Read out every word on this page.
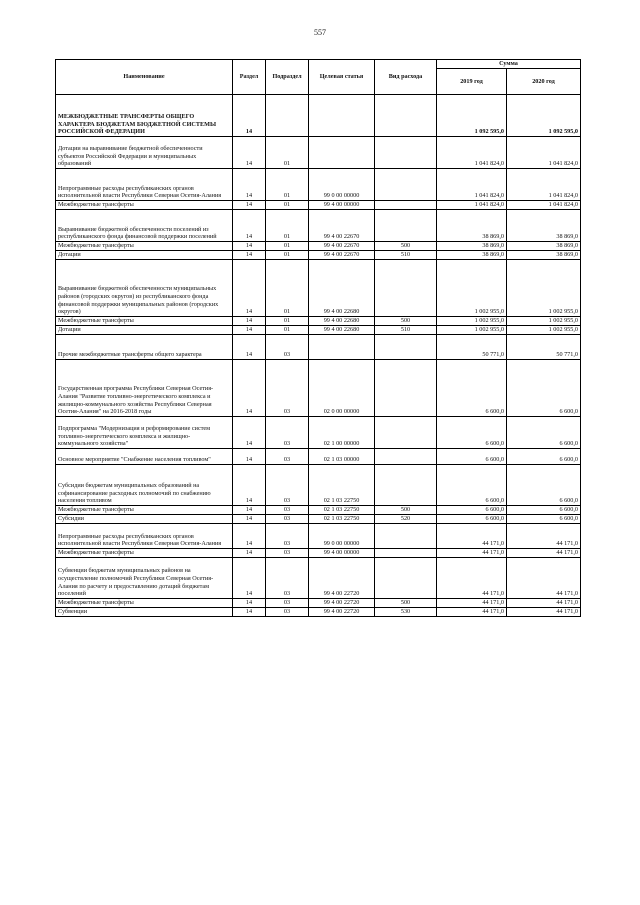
557
Наименование	Раздел	Подраздел	Целевая статья	Вид расхода	Сумма	
					2019 год	2020 год
МЕЖБЮДЖЕТНЫЕ ТРАНСФЕРТЫ ОБЩЕГО ХАРАКТЕРА БЮДЖЕТАМ БЮДЖЕТНОЙ СИСТЕМЫ РОССИЙСКОЙ ФЕДЕРАЦИИ	14				1 092 595,0	1 092 595,0
Дотации на выравнивание бюджетной обеспеченности субъектов Российской Федерации и муниципальных образований	14	01			1 041 824,0	1 041 824,0
Непрограммные расходы республиканских органов исполнительной власти Республики Северная Осетия-Алания	14	01	99 0 00 00000		1 041 824,0	1 041 824,0
Межбюджетные трансферты	14	01	99 4 00 00000		1 041 824,0	1 041 824,0
Выравнивание бюджетной обеспеченности поселений из республиканского фонда финансовой поддержки поселений	14	01	99 4 00 22670		38 869,0	38 869,0
Межбюджетные трансферты	14	01	99 4 00 22670	500	38 869,0	38 869,0
Дотации	14	01	99 4 00 22670	510	38 869,0	38 869,0
Выравнивание бюджетной обеспеченности муниципальных районов (городских округов) из республиканского фонда финансовой поддержки муниципальных районов (городских округов)	14	01	99 4 00 22680		1 002 955,0	1 002 955,0
Межбюджетные трансферты	14	01	99 4 00 22680	500	1 002 955,0	1 002 955,0
Дотации	14	01	99 4 00 22680	510	1 002 955,0	1 002 955,0
Прочие межбюджетные трансферты общего характера	14	03			50 771,0	50 771,0
Государственная программа Республики Северная Осетия-Алания "Развитие топливно-энергетического комплекса и жилищно-коммунального хозяйства Республики Северная Осетия-Алания" на 2016-2018 годы	14	03	02 0 00 00000		6 600,0	6 600,0
Подпрограмма "Модернизация и реформирование систем топливно-энергетического комплекса и жилищно-коммунального хозяйства"	14	03	02 1 00 00000		6 600,0	6 600,0
Основное мероприятие "Снабжение населения топливом"	14	03	02 1 03 00000		6 600,0	6 600,0
Субсидии бюджетам муниципальных образований на софинансирование расходных полномочий по снабжению населения топливом	14	03	02 1 03 22750		6 600,0	6 600,0
Межбюджетные трансферты	14	03	02 1 03 22750	500	6 600,0	6 600,0
Субсидии	14	03	02 1 03 22750	520	6 600,0	6 600,0
Непрограммные расходы республиканских органов исполнительной власти Республики Северная Осетия-Алания	14	03	99 0 00 00000		44 171,0	44 171,0
Межбюджетные трансферты	14	03	99 4 00 00000		44 171,0	44 171,0
Субвенции бюджетам муниципальных районов на осуществление полномочий Республики Северная Осетия-Алания по расчету и предоставлению дотаций бюджетам поселений	14	03	99 4 00 22720		44 171,0	44 171,0
Межбюджетные трансферты	14	03	99 4 00 22720	500	44 171,0	44 171,0
Субвенции	14	03	99 4 00 22720	530	44 171,0	44 171,0
